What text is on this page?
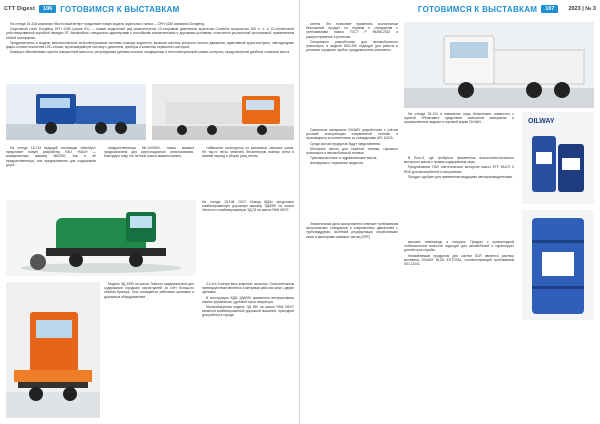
CTT Digest	106	ГОТОВИМСЯ К ВЫСТАВКАМ

На стенде 15-418 компании «Восточный ветер» представит новую модель седельного тягача — DFH 4180 компании Dongfeng.

Седельный тягач Dongfeng DFH 4180 (серия KX) — новый модельный ряд комплектуется 13-литровым дизельным агрегатом Cummins мощностью 520 л. с. и 12-ступенчатой роботизированной коробкой передач ZF. Автомобиль специально адаптирован к российским климатическим и дорожным условиям, отличается улучшенной эргономикой, применением гибкой платформы.

Предусмотрены в модели многочисленные интеллектуальные системы помощи водителю, включая систему контроля полосы движения, адаптивный круиз-контроль, светодиодные фары и новое поколение LED-оптики, мультимедийную систему с дисплеем, приборы и комплекс сервисного контроля.

Комфорт обеспечивают кресла повышенной мягкости, регулируемая рулевая колонка, кондиционер и интеллектуальный климат-контроль, предусмотрены двойные спальные места.

На стенде 15-743 ведущий поставщик «Автобус» представит новую разработку ПАО «МАЗ» — коммунальную машину МК2000. Как и её предшественница, она предназначена для содержания дорог.

предшественница МК-1000МЗ, новая машина предназначена для круглогодичного использования, благодаря тому что на базе шасси машины можно

«обвязать» конструктор из различных сменных узлов. Не так-то легко отменить бесконечную выемку снега в зимний период и уборку улиц летом.

На стенде 15-148 ООО «Завод КДМ» представит комбинированную дорожную машину ЭД4090 на шасси Электон и комбинированную ЭД 25 на шасси FAW NEXT.

Модель ЭД 4090 на шасси Электон предназначена для содержания городских магистралей за счёт большого объёма бункера. Она оснащается рабочими органами и дорожным оборудованием.

3,4 м в 3 метра весь комплект оснастки. Отличительным преимуществом является 4-метровая рабочая зона с двумя щётками.

В конструкции КДМ ЭД4090 применена интерактивная панель управления, удобный пульт оператора.

Малогабаритная модель ЭД 250 на шасси FAW NEXT является комбинированной дорожной машиной, пригодной для работы в городе.

ГОТОВИМСЯ К ВЫСТАВКАМ	107	2023 | № 3

агента. Это позволяет применять экологически безопасный продукт по нормам и стандартам с требованиями нового ГОСТ Р 59286-2022 и распространение в регионах.

Специально разработаны для автомобильного транспорта, а модели Ж30-250 подходят для работы в условиях городских пробок, предусмотрены комплекты.

На стенде 15-124 в павильоне пред Нефтепакет совместно с группой «Реактивы» представит смазочные материалы и промышленные жидкости торговой марки OILWAY.	OILWAY

Смазочные материалы OILWAY разработаны с учётом условий эксплуатации современной техники и производятся в соответствии со стандартами API, ACEA.

Среди прочих продуктов будут представлены:

Моторные масла для тяжёлой техники, грузового транспорта и автомобильной техники.

Трансмиссионные и гидравлические масла.

Антифризы и тормозные жидкости.

В Euro-6, где требуется применения высокотехнологичного моторного масла с низким содержанием серы.

Предлагаемое ПАО синтетическое моторное масло ЕТР MULTI 5 RNS для автомобилей и спецтехники.

Продукт одобрен для применения ведущими автопроизводителями.

Значительная доля ассортимента отвечает требованиям экологических стандартов и современных двигателей с турбонаддувом, системой рециркуляции отработавших газов и фильтрами сажевых частиц (DPF).

высоких температур и нагрузок. Продукт с превосходной стабильностью вязкости подходит для автомобилей и гарантирует долгий срок службы.

Незаменимым продуктом для систем SCR является раствор мочевины OILWAY BLUE EXTOTAL, соответствующий требованиям ISO 22241.
